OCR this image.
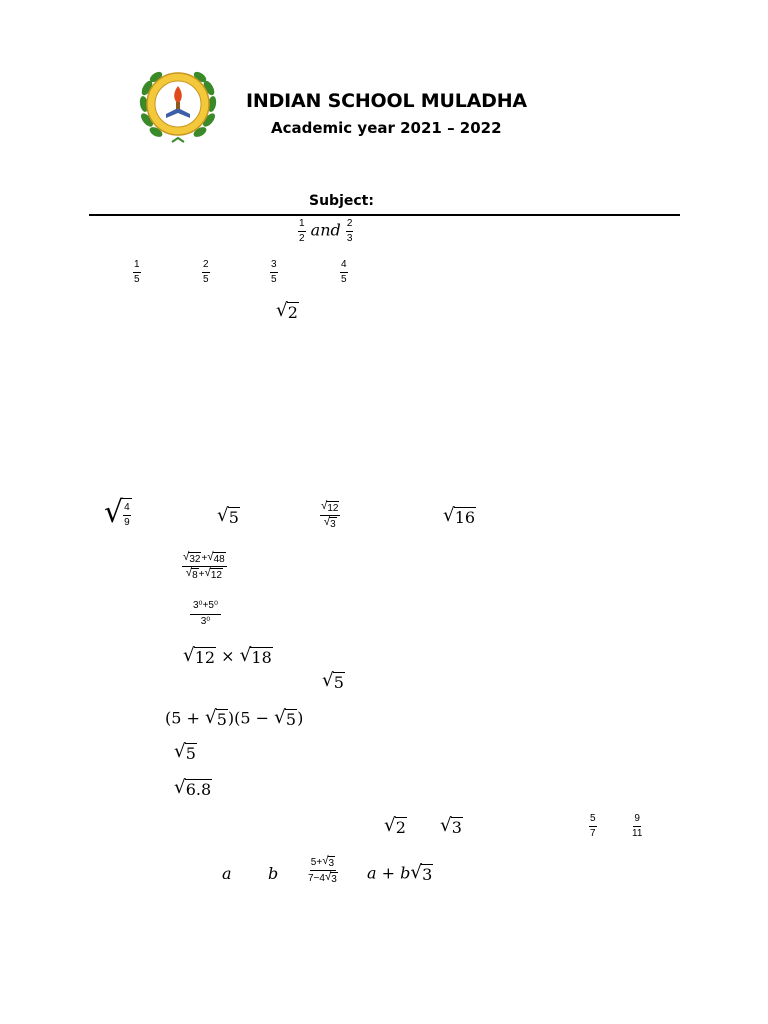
INDIAN SCHOOL MULADHA
Academic year 2021 – 2022
Subject:
$\frac{1}{2}$ and $\frac{2}{3}$
$\frac{1}{5}$	$\frac{2}{5}$	$\frac{3}{5}$	$\frac{4}{5}$
√ 2
√ $\frac{4}{9}$	√ 5	$\frac{√ 12}{√ 3}$	√ 16
$\frac{√ 32 + √ 48}{√ 8 + √ 12}$
$\frac{\text{3⁰+5⁰}}{\text{3⁰}}$
√ 12 × √ 18
√ 5
(5 + √ 5 )(5 − √ 5 )
√ 5
√ 6.8
√ 2 √ 3	$\frac{5}{7}$	$\frac{9}{11}$
a b	$\frac{5+ √ 3}{7-4 √ 3}$ a + b √ 3
